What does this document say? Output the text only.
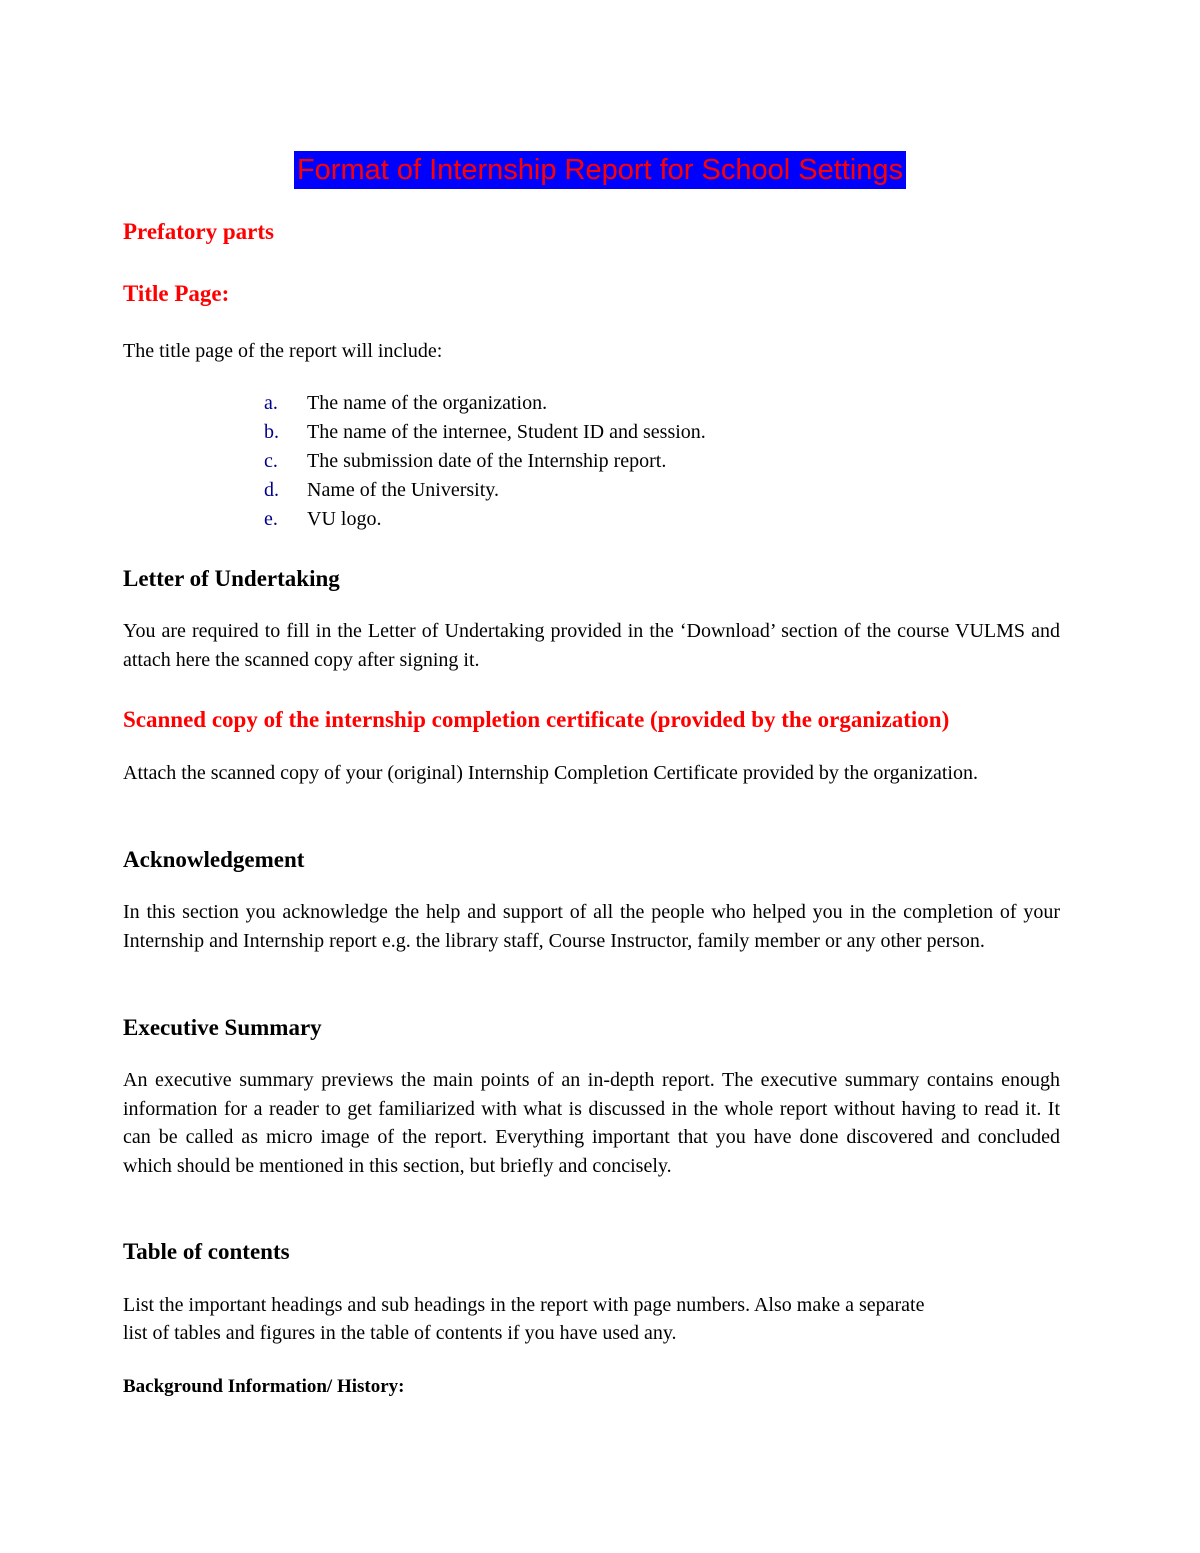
Format of Internship Report for School Settings
Prefatory parts
Title Page:
The title page of the report will include:
a. The name of the organization.
b. The name of the internee, Student ID and session.
c. The submission date of the Internship report.
d. Name of the University.
e. VU logo.
Letter of Undertaking
You are required to fill in the Letter of Undertaking provided in the ‘Download’ section of the course VULMS and attach here the scanned copy after signing it.
Scanned copy of the internship completion certificate (provided by the organization)
Attach the scanned copy of your (original) Internship Completion Certificate provided by the organization.
Acknowledgement
In this section you acknowledge the help and support of all the people who helped you in the completion of your Internship and Internship report e.g. the library staff, Course Instructor, family member or any other person.
Executive Summary
An executive summary previews the main points of an in-depth report. The executive summary contains enough information for a reader to get familiarized with what is discussed in the whole report without having to read it. It can be called as micro image of the report. Everything important that you have done discovered and concluded which should be mentioned in this section, but briefly and concisely.
Table of contents
List the important headings and sub headings in the report with page numbers. Also make a separate
list of tables and figures in the table of contents if you have used any.
Background Information/ History:
